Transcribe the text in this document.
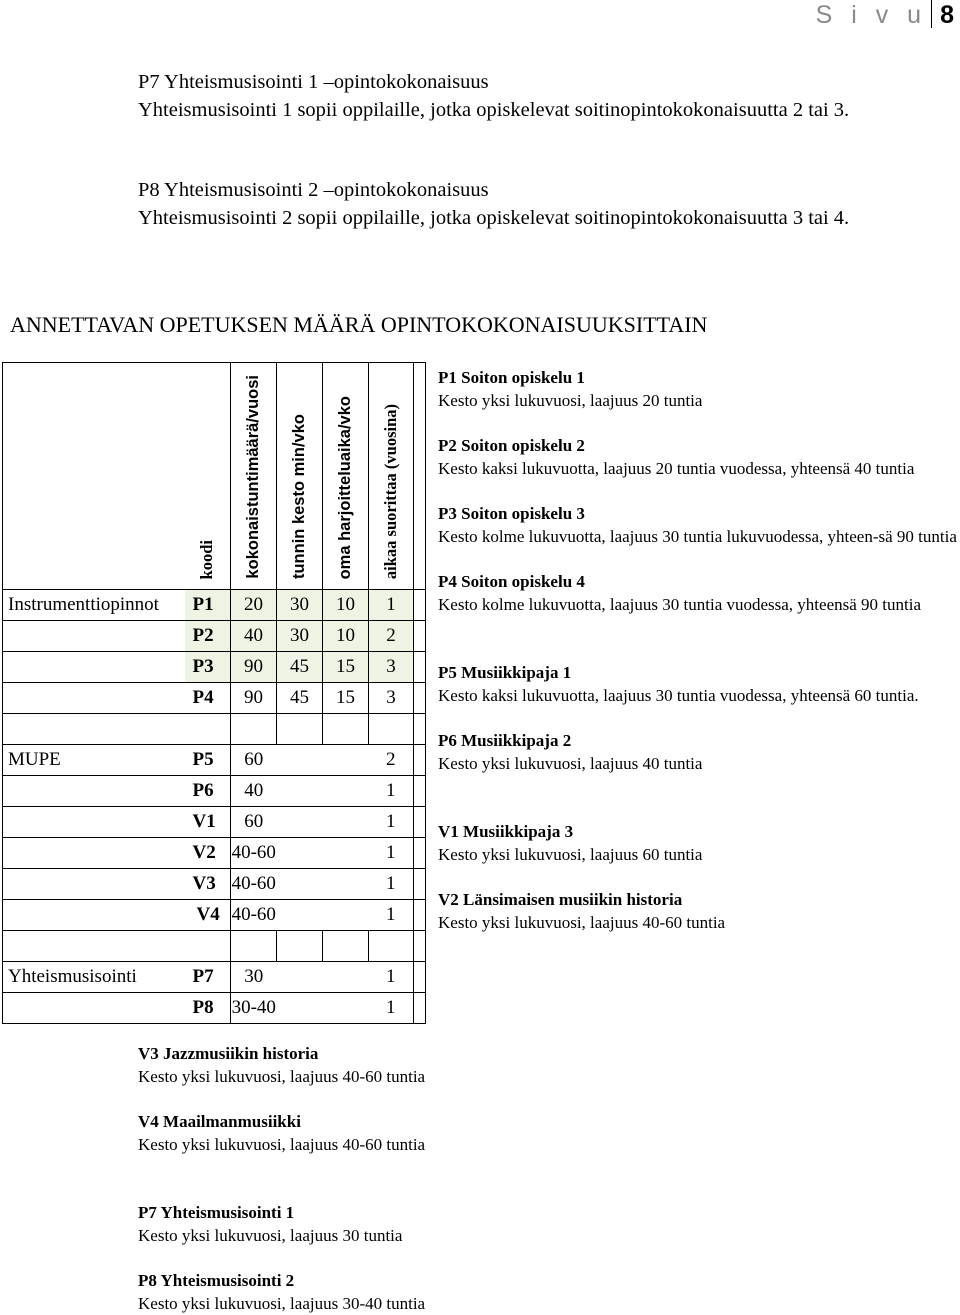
S i v u 8
P7 Yhteismusisointi 1 –opintokokonaisuus
Yhteismusisointi 1 sopii oppilaille, jotka opiskelevat soitinopintokokonaisuutta 2 tai 3.
P8 Yhteismusisointi 2 –opintokokonaisuus
Yhteismusisointi 2 sopii oppilaille, jotka opiskelevat soitinopintokokonaisuutta 3 tai 4.
ANNETTAVAN OPETUKSEN MÄÄRÄ OPINTOKOKONAISUUKSITTAIN
	koodi	kokonaistuntimäärä/vuosi	tunnin kesto min/vko	oma harjoitteluaika/vko	aikaa suorittaa (vuosina)	
Instrumenttiopinnot	P1	20	30	10	1	
	P2	40	30	10	2	
	P3	90	45	15	3	
	P4	90	45	15	3	

MUPE	P5	60			2	
	P6	40			1	
	V1	60			1	
	V2	40-60			1	
	V3	40-60			1	
	V4	40-60			1	

Yhteismusisointi	P7	30			1	
	P8	30-40			1	
P1 Soiton opiskelu 1
Kesto yksi lukuvuosi, laajuus 20 tuntia
P2 Soiton opiskelu 2
Kesto kaksi lukuvuotta, laajuus 20 tuntia vuodessa, yhteensä 40 tuntia
P3 Soiton opiskelu 3
Kesto kolme lukuvuotta, laajuus 30 tuntia lukuvuodessa, yhteen-sä 90 tuntia
P4 Soiton opiskelu 4
Kesto kolme lukuvuotta, laajuus 30 tuntia vuodessa, yhteensä 90 tuntia
P5 Musiikkipaja 1
Kesto kaksi lukuvuotta, laajuus 30 tuntia vuodessa, yhteensä 60 tuntia.
P6 Musiikkipaja 2
Kesto yksi lukuvuosi, laajuus 40 tuntia
V1 Musiikkipaja 3
Kesto yksi lukuvuosi, laajuus 60 tuntia
V2 Länsimaisen musiikin historia
Kesto yksi lukuvuosi, laajuus 40-60 tuntia
V3 Jazzmusiikin historia
Kesto yksi lukuvuosi, laajuus 40-60 tuntia
V4 Maailmanmusiikki
Kesto yksi lukuvuosi, laajuus 40-60 tuntia
P7 Yhteismusisointi 1
Kesto yksi lukuvuosi, laajuus 30 tuntia
P8 Yhteismusisointi 2
Kesto yksi lukuvuosi, laajuus 30-40 tuntia
